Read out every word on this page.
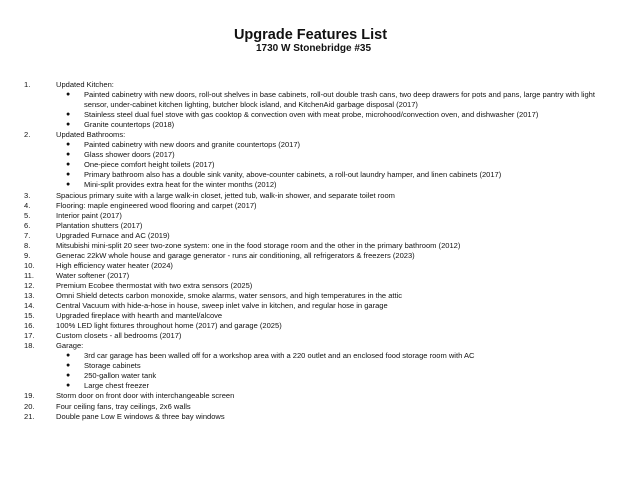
Upgrade Features List
1730 W Stonebridge #35
1.	Updated Kitchen:
● Painted cabinetry with new doors, roll-out shelves in base cabinets, roll-out double trash cans, two deep drawers for pots and pans, large pantry with light sensor, under-cabinet kitchen lighting, butcher block island, and KitchenAid garbage disposal (2017)
● Stainless steel dual fuel stove with gas cooktop & convection oven with meat probe, microhood/convection oven, and dishwasher (2017)
● Granite countertops (2018)
2.	Updated Bathrooms:
● Painted cabinetry with new doors and granite countertops (2017)
● Glass shower doors (2017)
● One-piece comfort height toilets (2017)
● Primary bathroom also has a double sink vanity, above-counter cabinets, a roll-out laundry hamper, and linen cabinets (2017)
● Mini-split provides extra heat for the winter months (2012)
3.	Spacious primary suite with a large walk-in closet, jetted tub, walk-in shower, and separate toilet room
4.	Flooring: maple engineered wood flooring and carpet (2017)
5.	Interior paint (2017)
6.	Plantation shutters (2017)
7.	Upgraded Furnace and AC (2019)
8.	Mitsubishi mini-split 20 seer two-zone system: one in the food storage room and the other in the primary bathroom (2012)
9.	Generac 22kW whole house and garage generator - runs air conditioning, all refrigerators & freezers (2023)
10.	High efficiency water heater (2024)
11.	Water softener (2017)
12.	Premium Ecobee thermostat with two extra sensors (2025)
13.	Omni Shield detects carbon monoxide, smoke alarms, water sensors, and high temperatures in the attic
14.	Central Vacuum with hide-a-hose in house, sweep inlet valve in kitchen, and regular hose in garage
15.	Upgraded fireplace with hearth and mantel/alcove
16.	100% LED light fixtures throughout home (2017) and garage (2025)
17.	Custom closets - all bedrooms (2017)
18.	Garage:
● 3rd car garage has been walled off for a workshop area with a 220 outlet and an enclosed food storage room with AC
● Storage cabinets
● 250-gallon water tank
● Large chest freezer
19.	Storm door on front door with interchangeable screen
20.	Four ceiling fans, tray ceilings, 2x6 walls
21.	Double pane Low E windows & three bay windows
